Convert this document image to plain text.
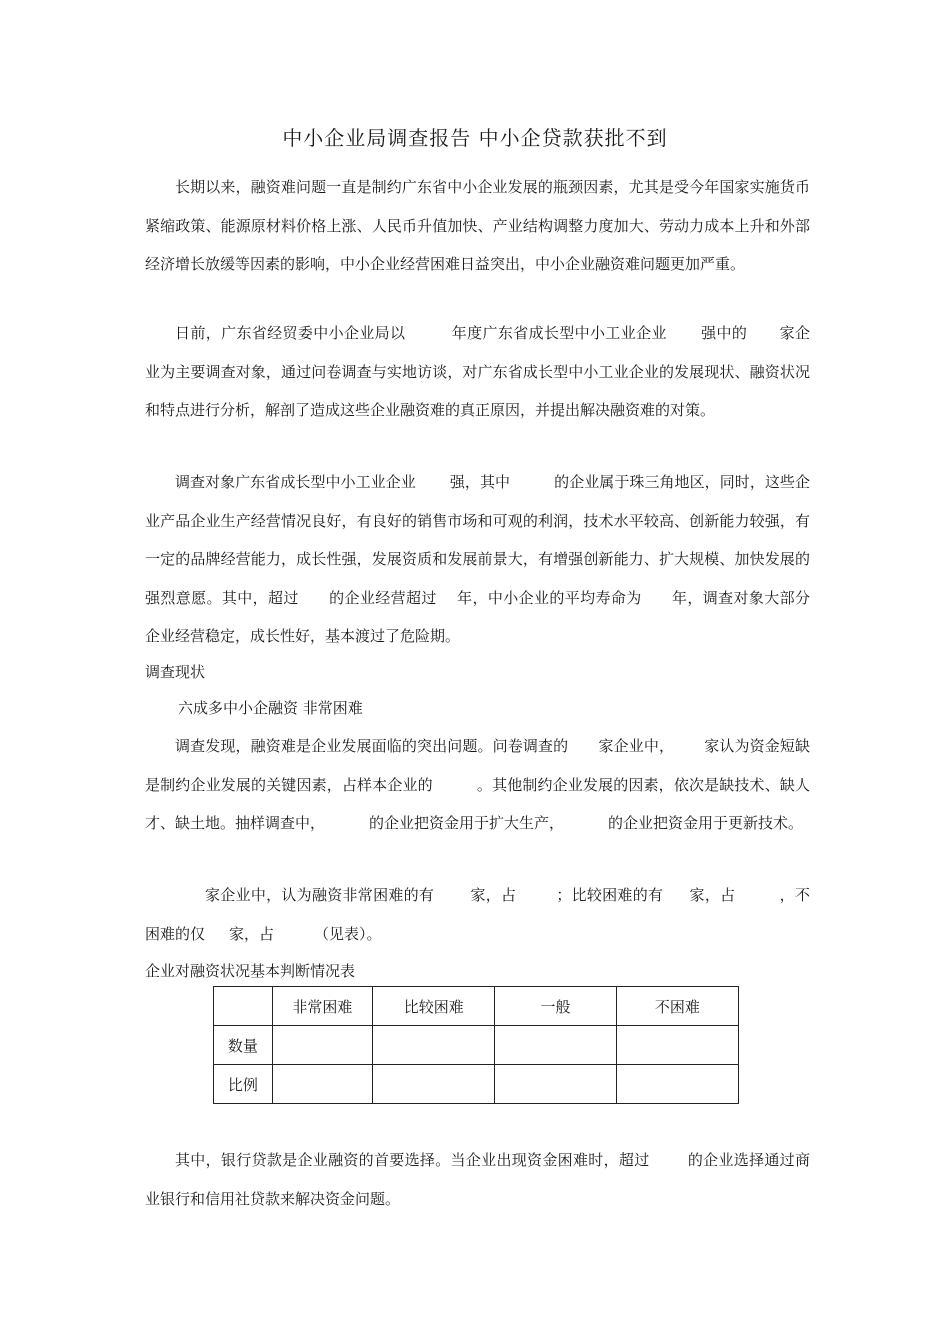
中小企业局调查报告 中小企贷款获批不到

长期以来，融资难问题一直是制约广东省中小企业发展的瓶颈因素，尤其是受今年国家实施货币紧缩政策、能源原材料价格上涨、人民币升值加快、产业结构调整力度加大、劳动力成本上升和外部经济增长放缓等因素的影响，中小企业经营困难日益突出，中小企业融资难问题更加严重。

日前，广东省经贸委中小企业局以	年度广东省成长型中小工业企业 强中的 家企业为主要调查对象，通过问卷调查与实地访谈，对广东省成长型中小工业企业的发展现状、融资状况和特点进行分析，解剖了造成这些企业融资难的真正原因，并提出解决融资难的对策。

调查对象广东省成长型中小工业企业 强，其中	的企业属于珠三角地区，同时，这些企业产品企业生产经营情况良好，有良好的销售市场和可观的利润，技术水平较高、创新能力较强，有一定的品牌经营能力，成长性强，发展资质和发展前景大，有增强创新能力、扩大规模、加快发展的强烈意愿。其中，超过 的企业经营超过 年，中小企业的平均寿命为 年，调查对象大部分企业经营稳定，成长性好，基本渡过了危险期。

调查现状

六成多中小企融资 非常困难

调查发现，融资难是企业发展面临的突出问题。问卷调查的 家企业中， 家认为资金短缺是制约企业发展的关键因素，占样本企业的	。其他制约企业发展的因素，依次是缺技术、缺人才、缺土地。抽样调查中，	的企业把资金用于扩大生产，	的企业把资金用于更新技术。

家企业中，认为融资非常困难的有 家，占	；比较困难的有 家，占	，不困难的仅 家，占	（见表）。

企业对融资状况基本判断情况表

	非常困难	比较困难	一般	不困难
数量				
比例				

其中，银行贷款是企业融资的首要选择。当企业出现资金困难时，超过	的企业选择通过商业银行和信用社贷款来解决资金问题。
